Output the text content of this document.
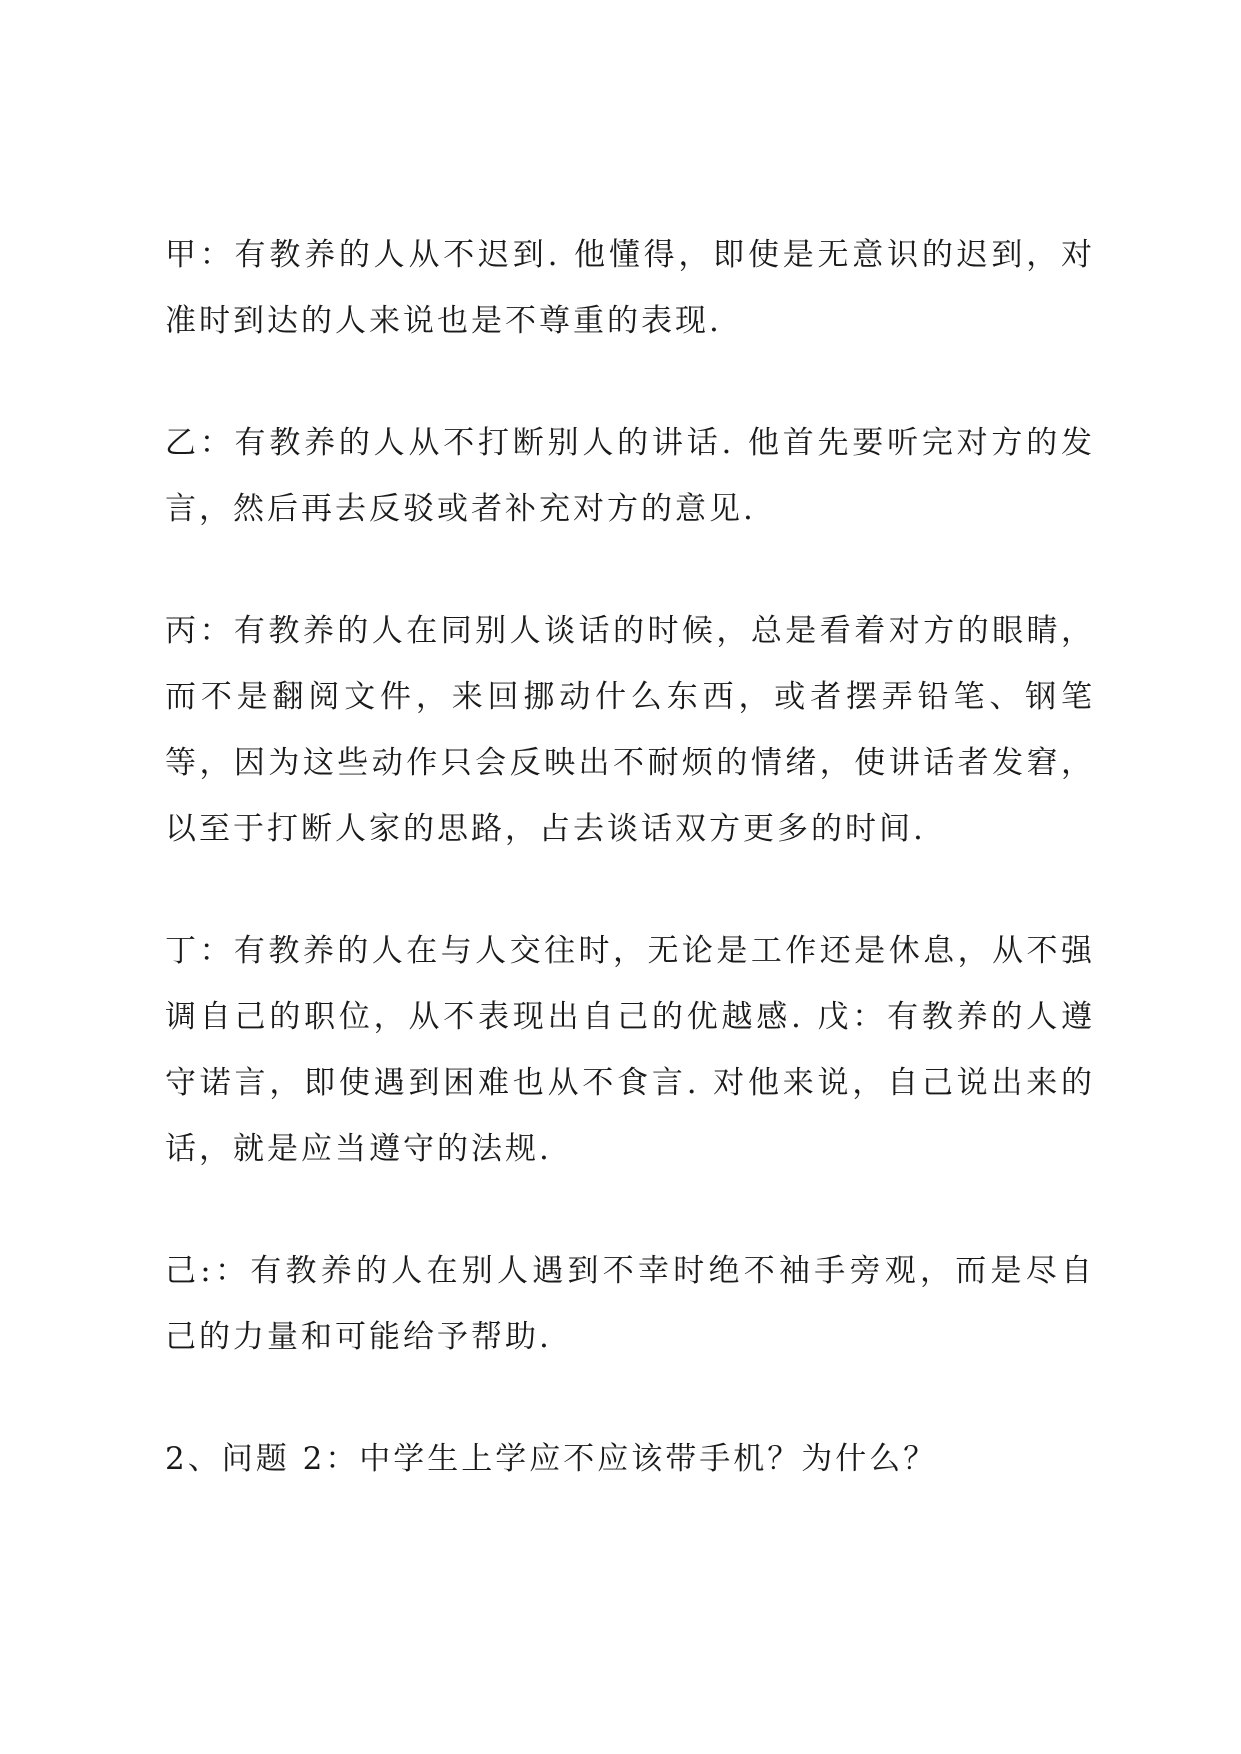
甲：有教养的人从不迟到. 他懂得，即使是无意识的迟到，对准时到达的人来说也是不尊重的表现.

乙：有教养的人从不打断别人的讲话. 他首先要听完对方的发言，然后再去反驳或者补充对方的意见.

丙：有教养的人在同别人谈话的时候，总是看着对方的眼睛，而不是翻阅文件，来回挪动什么东西，或者摆弄铅笔、钢笔等，因为这些动作只会反映出不耐烦的情绪，使讲话者发窘，以至于打断人家的思路，占去谈话双方更多的时间.

丁：有教养的人在与人交往时，无论是工作还是休息，从不强调自己的职位，从不表现出自己的优越感. 戊：有教养的人遵守诺言，即使遇到困难也从不食言. 对他来说，自己说出来的话，就是应当遵守的法规.

己:：有教养的人在别人遇到不幸时绝不袖手旁观，而是尽自己的力量和可能给予帮助.

2、问题 2：中学生上学应不应该带手机？为什么？
